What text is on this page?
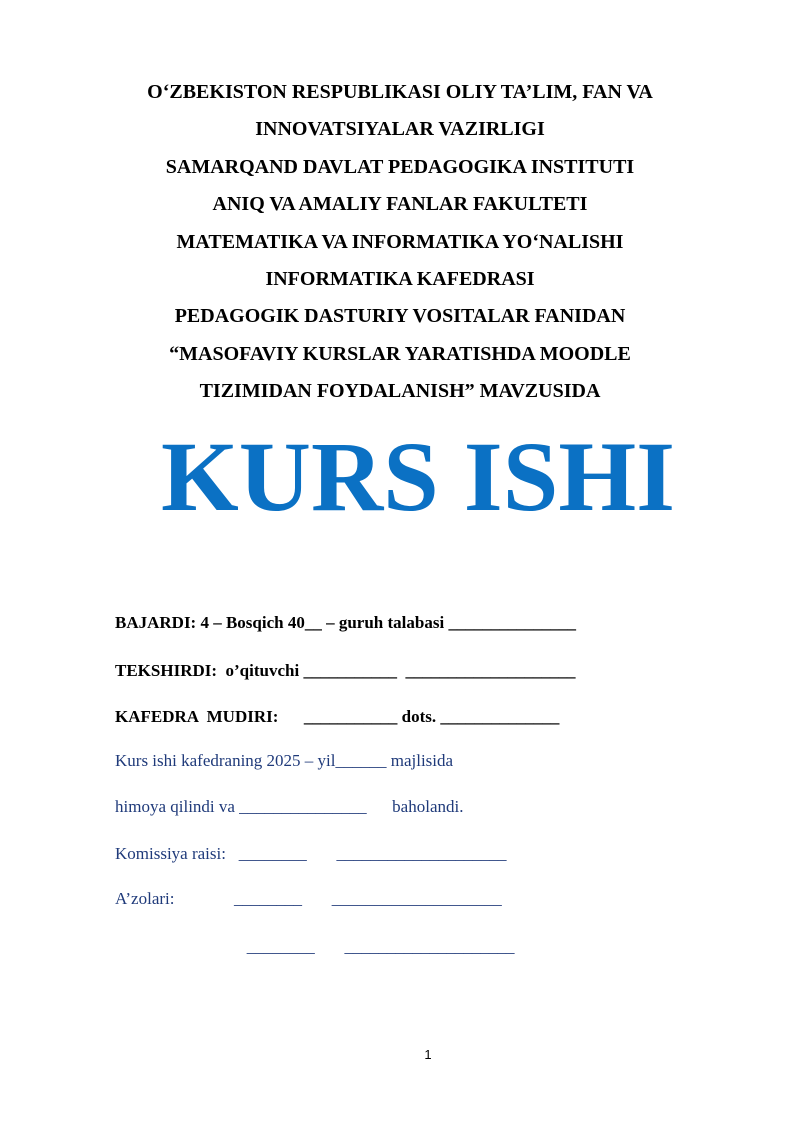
O‘ZBEKISTON RESPUBLIKASI OLIY TA’LIM, FAN VA
INNOVATSIYALAR VAZIRLIGI
SAMARQAND DAVLAT PEDAGOGIKA INSTITUTI
ANIQ VA AMALIY FANLAR FAKULTETI
MATEMATIKA VA INFORMATIKA YO‘NALISHI
INFORMATIKA KAFEDRASI
PEDAGOGIK DASTURIY VOSITALAR FANIDAN
“MASOFAVIY KURSLAR YARATISHDA MOODLE
TIZIMIDAN FOYDALANISH” MAVZUSIDA
KURS ISHI
BAJARDI: 4 – Bosqich 40__ – guruh talabasi _______________
TEKSHIRDI:  o’qituvchi ___________  ____________________
KAFEDRA  MUDIRI:      ___________ dots. ______________
Kurs ishi kafedraning 2025 – yil______ majlisida
himoya qilindi va _______________      baholandi.
Komissiya raisi:   ________       ____________________
A’zolari:              ________       ____________________
________       ____________________
1
